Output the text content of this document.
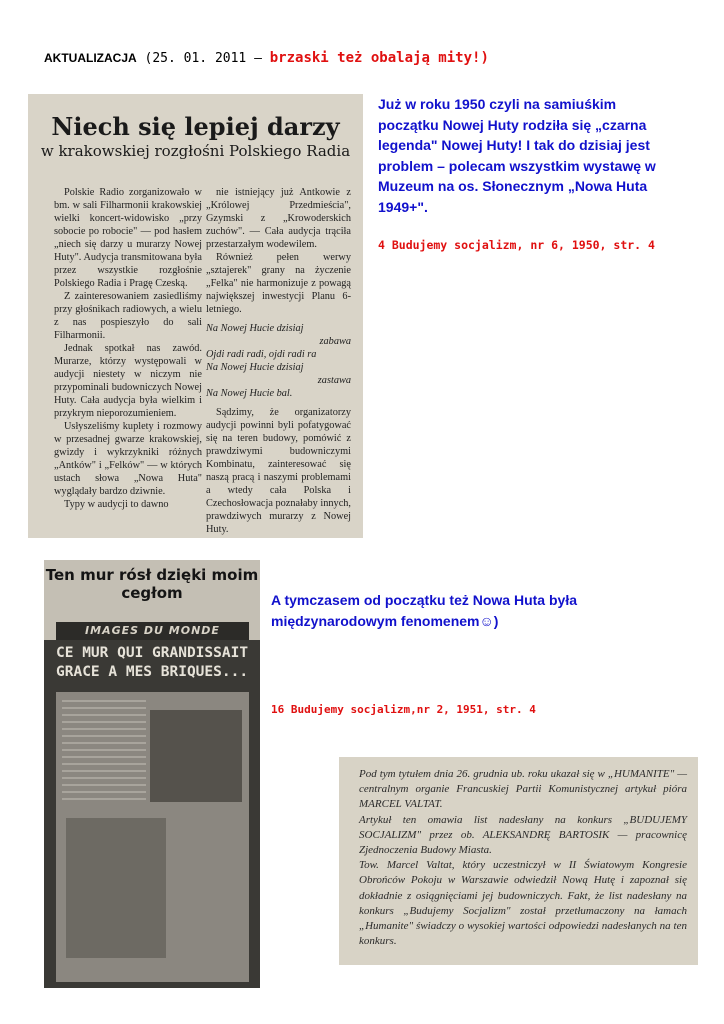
AKTUALIZACJA (25. 01. 2011 – brzaski też obalają mity!)
Niech się lepiej darzy
w krakowskiej rozgłośni Polskiego Radia

Polskie Radio zorganizowało w bm. w sali Filharmonii krakowskiej wielki koncert-widowisko „przy sobocie po robocie" — pod hasłem „niech się darzy u murarzy Nowej Huty". Audycja transmitowana była przez wszystkie rozgłośnie Polskiego Radia i Pragę Czeską.

Z zainteresowaniem zasiedliśmy przy głośnikach radiowych, a wielu z nas pospieszyło do sali Filharmonii.

Jednak spotkał nas zawód. Murarze, którzy występowali w audycji niestety w niczym nie przypominali budowniczych Nowej Huty. Cała audycja była wielkim i przykrym nieporozumieniem.

Usłyszeliśmy kuplety i rozmowy w przesadnej gwarze krakowskiej, gwizdy i wykrzykniki różnych „Antków" i „Felków" — w których ustach słowa „Nowa Huta" wyglądały bardzo dziwnie.

Typy w audycji to dawno

nie istniejący już Antkowie z „Królowej Przedmieścia", Gzymski z „Krowoderskich zuchów". — Cała audycja trąciła przestarzałym wodewilem.

Również pełen werwy „sztajerek" grany na życzenie „Felka" nie harmonizuje z powagą największej inwestycji Planu 6-letniego.

Na Nowej Hucie dzisiaj

zabawa

Ojdi radi radi, ojdi radi ra

Na Nowej Hucie dzisiaj

zastawa

Na Nowej Hucie bal.

Sądzimy, że organizatorzy audycji powinni byli pofatygować się na teren budowy, pomówić z prawdziwymi budowniczymi Kombinatu, zainteresować się naszą pracą i naszymi problemami a wtedy cała Polska i Czechosłowacja poznałaby innych, prawdziwych murarzy z Nowej Huty.

Już w roku 1950 czyli na samiuśkim początku Nowej Huty rodziła się „czarna legenda" Nowej Huty! I tak do dzisiaj jest problem – polecam wszystkim wystawę w Muzeum na os. Słonecznym „Nowa Huta 1949+".
4 Budujemy socjalizm, nr 6, 1950, str. 4
Ten mur rósł dzięki moim cegłom
IMAGES DU MONDE
CE MUR QUI GRANDISSAIT GRACE A MES BRIQUES...
A tymczasem od początku też Nowa Huta była międzynarodowym fenomenem☺)
16 Budujemy socjalizm,nr 2, 1951, str. 4
Pod tym tytułem dnia 26. grudnia ub. roku ukazał się w „HUMANITE" — centralnym organie Francuskiej Partii Komunistycznej artykuł pióra MARCEL VALTAT.
Artykuł ten omawia list nadesłany na konkurs „BUDUJEMY SOCJALIZM" przez ob. ALEKSANDRĘ BARTOSIK — pracownicę Zjednoczenia Budowy Miasta.
Tow. Marcel Valtat, który uczestniczył w II Światowym Kongresie Obrońców Pokoju w Warszawie odwiedził Nową Hutę i zapoznał się dokładnie z osiągnięciami jej budowniczych. Fakt, że list nadesłany na konkurs „Budujemy Socjalizm" został przetłumaczony na łamach „Humanite" świadczy o wysokiej wartości odpowiedzi nadesłanych na ten konkurs.
